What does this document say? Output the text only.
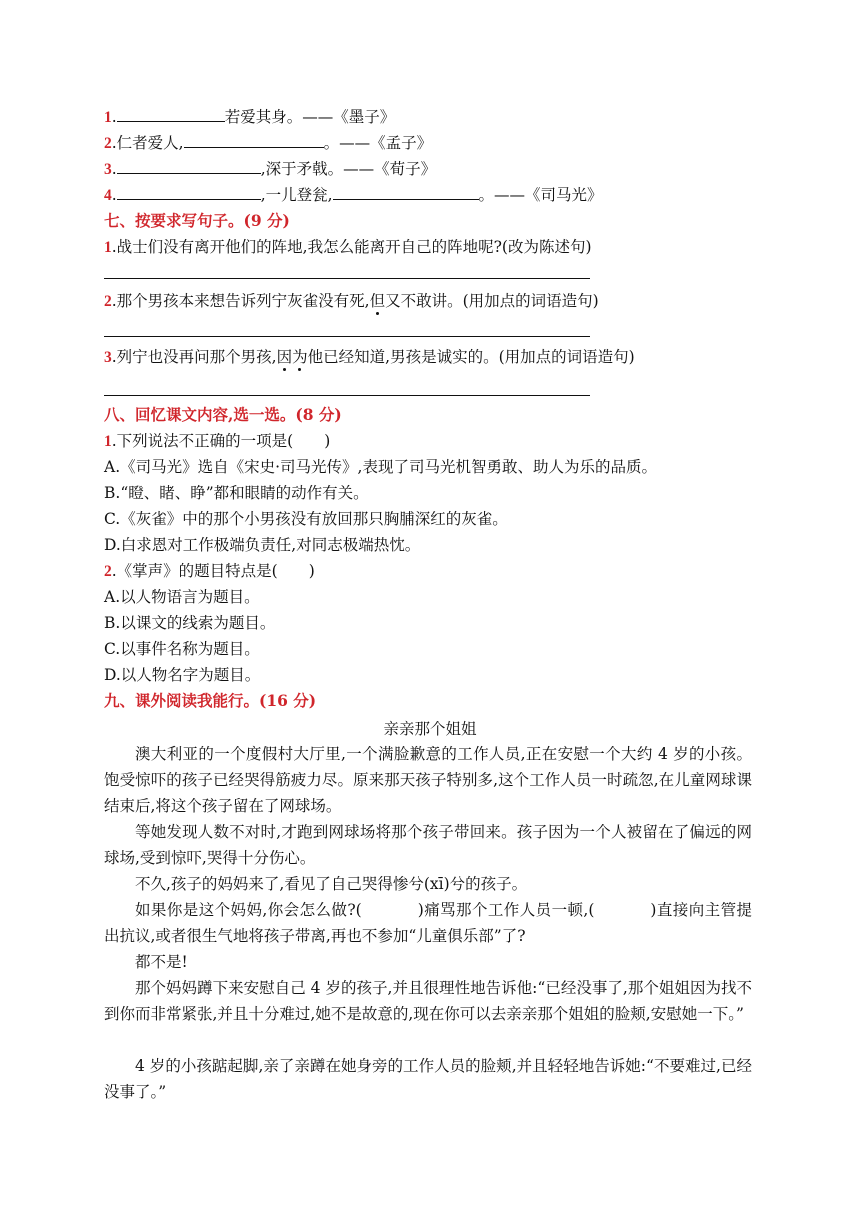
1.	若爱其身。——《墨子》
2.仁者爱人,	。——《孟子》
3.	,深于矛戟。——《荀子》
4.	,一儿登瓮,	。——《司马光》
七、按要求写句子。(9 分)
1.战士们没有离开他们的阵地,我怎么能离开自己的阵地呢?(改为陈述句)
2.那个男孩本来想告诉列宁灰雀没有死,但又不敢讲。(用加点的词语造句)
3.列宁也没再问那个男孩,因为他已经知道,男孩是诚实的。(用加点的词语造句)
八、回忆课文内容,选一选。(8 分)
1.下列说法不正确的一项是(　　)
A.《司马光》选自《宋史·司马光传》,表现了司马光机智勇敢、助人为乐的品质。
B.“瞪、睹、睁”都和眼睛的动作有关。
C.《灰雀》中的那个小男孩没有放回那只胸脯深红的灰雀。
D.白求恩对工作极端负责任,对同志极端热忱。
2.《掌声》的题目特点是(　　)
A.以人物语言为题目。
B.以课文的线索为题目。
C.以事件名称为题目。
D.以人物名字为题目。
九、课外阅读我能行。(16 分)
亲亲那个姐姐
澳大利亚的一个度假村大厅里,一个满脸歉意的工作人员,正在安慰一个大约 4 岁的小孩。饱受惊吓的孩子已经哭得筋疲力尽。原来那天孩子特别多,这个工作人员一时疏忽,在儿童网球课结束后,将这个孩子留在了网球场。
等她发现人数不对时,才跑到网球场将那个孩子带回来。孩子因为一个人被留在了偏远的网球场,受到惊吓,哭得十分伤心。
不久,孩子的妈妈来了,看见了自己哭得惨兮(xī)兮的孩子。
如果你是这个妈妈,你会怎么做?(	)痛骂那个工作人员一顿,(	)直接向主管提出抗议,或者很生气地将孩子带离,再也不参加“儿童俱乐部”了?
都不是!
那个妈妈蹲下来安慰自己 4 岁的孩子,并且很理性地告诉他:“已经没事了,那个姐姐因为找不到你而非常紧张,并且十分难过,她不是故意的,现在你可以去亲亲那个姐姐的脸颊,安慰她一下。”
4 岁的小孩踮起脚,亲了亲蹲在她身旁的工作人员的脸颊,并且轻轻地告诉她:“不要难过,已经没事了。”
